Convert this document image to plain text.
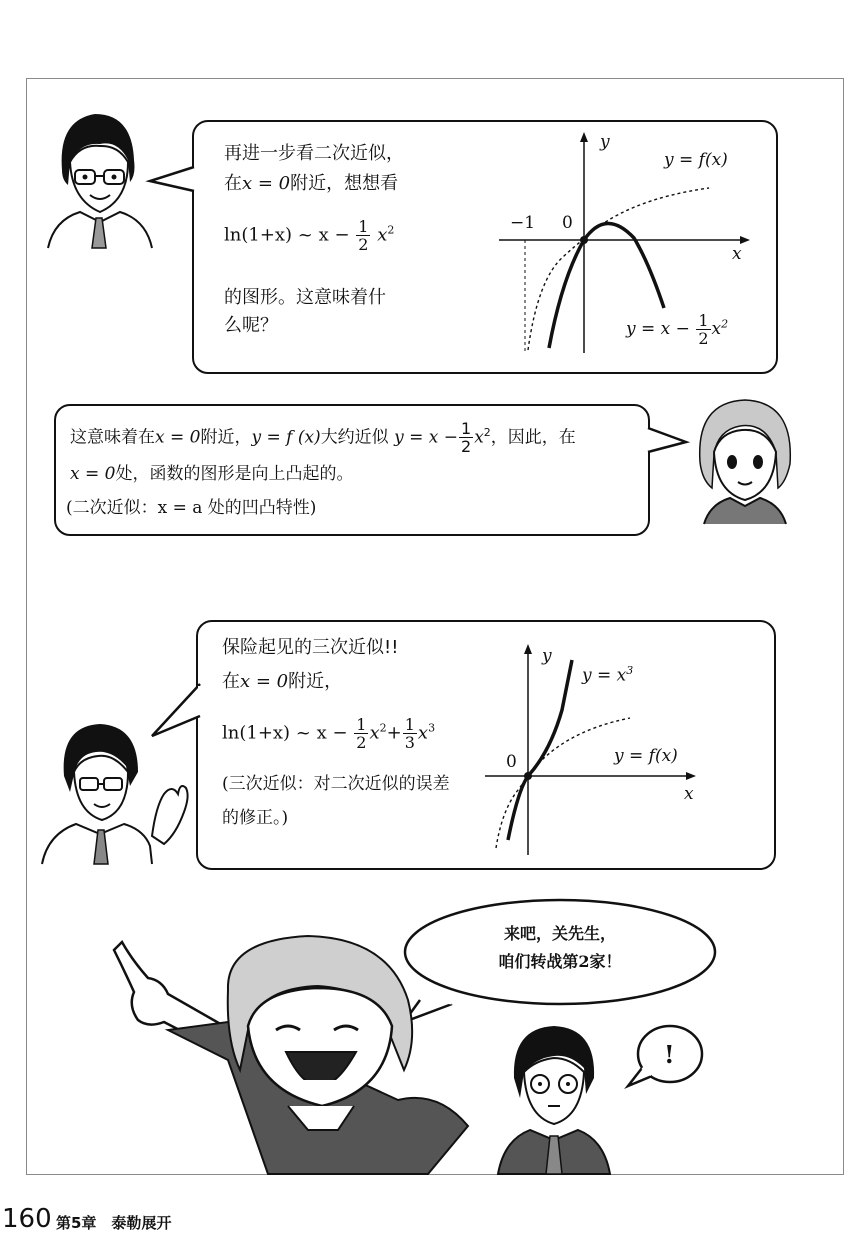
再进一步看二次近似，
在x = 0附近，想想看
ln(1+x) ~ $x - \frac{1}{2} x^2$
的图形。这意味着什
么呢？
y
x
−1 0
y = f(x)
$y = x - \frac{1}{2} x^2$
这意味着在x = 0附近，y = f (x)大约近似 $y = x - \frac{1}{2} x^2$，因此，在
x = 0处，函数的图形是向上凸起的。
(二次近似：x = a 处的凹凸特性)
保险起见的三次近似!!
在x = 0附近，
ln(1+x) ~ $x - \frac{1}{2} x^2+ \frac{1}{3} x^3$
(三次近似：对二次近似的误差
的修正。)
y
x
0
$y = x^3$
y = f(x)
来吧，关先生，
咱们转战第2家！
!
160 第5章　泰勒展开
